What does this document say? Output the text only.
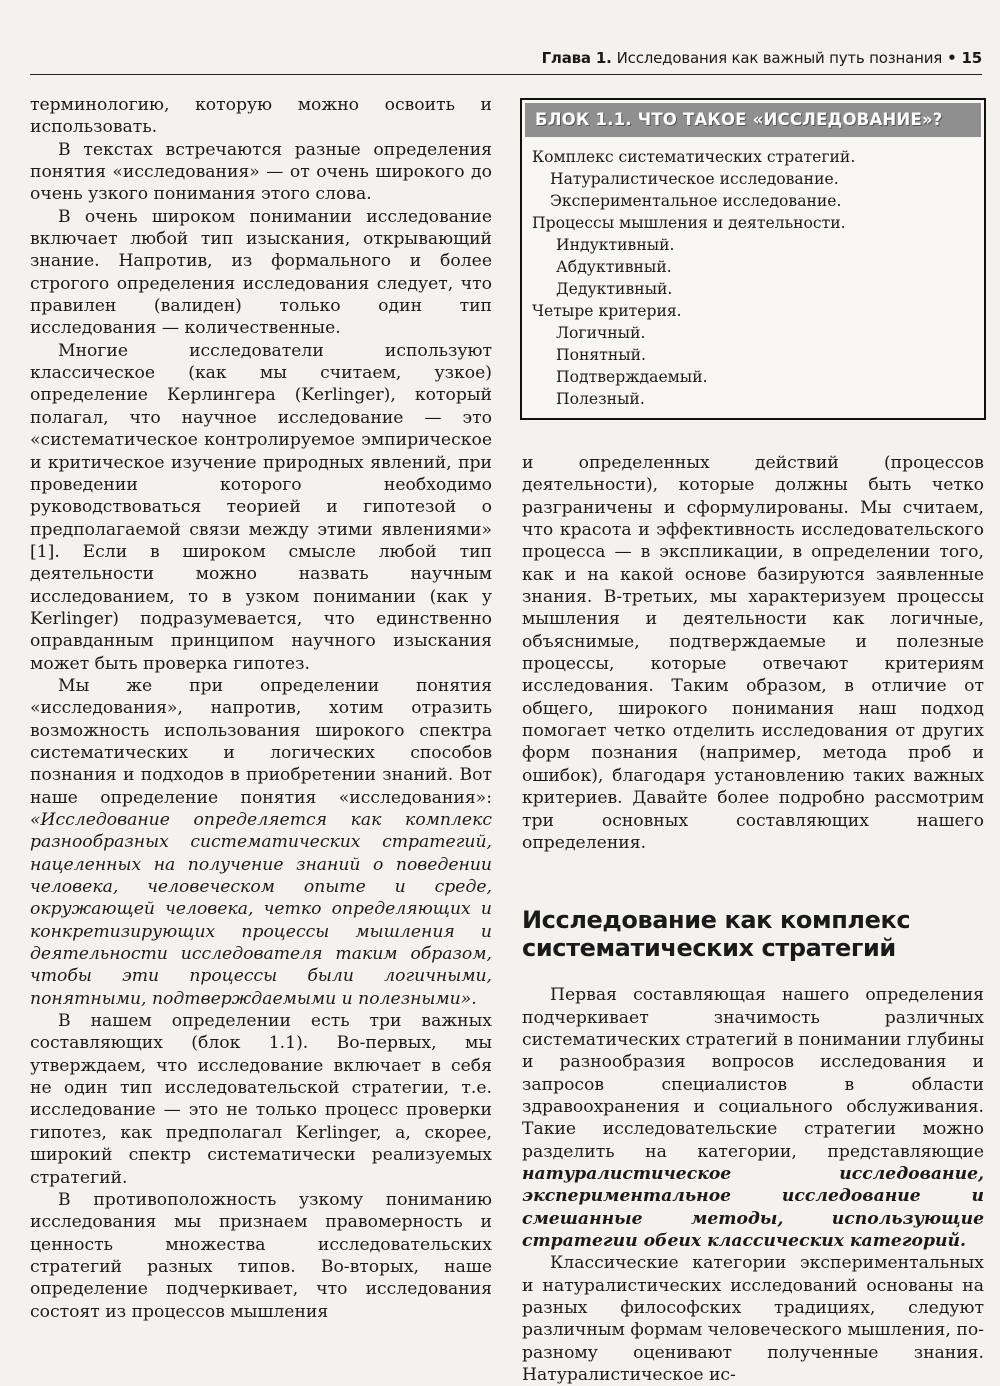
Глава 1. Исследования как важный путь познания • 15

терминологию, которую можно освоить и использовать.

В текстах встречаются разные определения понятия «исследования» — от очень широкого до очень узкого понимания этого слова.

В очень широком понимании исследование включает любой тип изыскания, открывающий знание. Напротив, из формального и более строгого определения исследования следует, что правилен (валиден) только один тип исследования — количественные.

Многие исследователи используют классическое (как мы считаем, узкое) определение Керлингера (Kerlinger), который полагал, что научное исследование — это «систематическое контролируемое эмпирическое и критическое изучение природных явлений, при проведении которого необходимо руководствоваться теорией и гипотезой о предполагаемой связи между этими явлениями» [1]. Если в широком смысле любой тип деятельности можно назвать научным исследованием, то в узком понимании (как у Kerlinger) подразумевается, что единственно оправданным принципом научного изыскания может быть проверка гипотез.

Мы же при определении понятия «исследования», напротив, хотим отразить возможность использования широкого спектра систематических и логических способов познания и подходов в приобретении знаний. Вот наше определение понятия «исследования»: «Исследование определяется как комплекс разнообразных систематических стратегий, нацеленных на получение знаний о поведении человека, человеческом опыте и среде, окружающей человека, четко определяющих и конкретизирующих процессы мышления и деятельности исследователя таким образом, чтобы эти процессы были логичными, понятными, подтверждаемыми и полезными».

В нашем определении есть три важных составляющих (блок 1.1). Во-первых, мы утверждаем, что исследование включает в себя не один тип исследовательской стратегии, т.е. исследование — это не только процесс проверки гипотез, как предполагал Kerlinger, а, скорее, широкий спектр систематически реализуемых стратегий.

В противоположность узкому пониманию исследования мы признаем правомерность и ценность множества исследовательских стратегий разных типов. Во-вторых, наше определение подчеркивает, что исследования состоят из процессов мышления

БЛОК 1.1. ЧТО ТАКОЕ «ИССЛЕДОВАНИЕ»?
Комплекс систематических стратегий.
Натуралистическое исследование.
Экспериментальное исследование.
Процессы мышления и деятельности.
Индуктивный.
Абдуктивный.
Дедуктивный.
Четыре критерия.
Логичный.
Понятный.
Подтверждаемый.
Полезный.

и определенных действий (процессов деятельности), которые должны быть четко разграничены и сформулированы. Мы считаем, что красота и эффективность исследовательского процесса — в экспликации, в определении того, как и на какой основе базируются заявленные знания. В-третьих, мы характеризуем процессы мышления и деятельности как логичные, объяснимые, подтверждаемые и полезные процессы, которые отвечают критериям исследования. Таким образом, в отличие от общего, широкого понимания наш подход помогает четко отделить исследования от других форм познания (например, метода проб и ошибок), благодаря установлению таких важных критериев. Давайте более подробно рассмотрим три основных составляющих нашего определения.

Исследование как комплекс систематических стратегий

Первая составляющая нашего определения подчеркивает значимость различных систематических стратегий в понимании глубины и разнообразия вопросов исследования и запросов специалистов в области здравоохранения и социального обслуживания. Такие исследовательские стратегии можно разделить на категории, представляющие натуралистическое исследование, экспериментальное исследование и смешанные методы, использующие стратегии обеих классических категорий.

Классические категории экспериментальных и натуралистических исследований основаны на разных философских традициях, следуют различным формам человеческого мышления, по-разному оценивают полученные знания. Натуралистическое ис-
